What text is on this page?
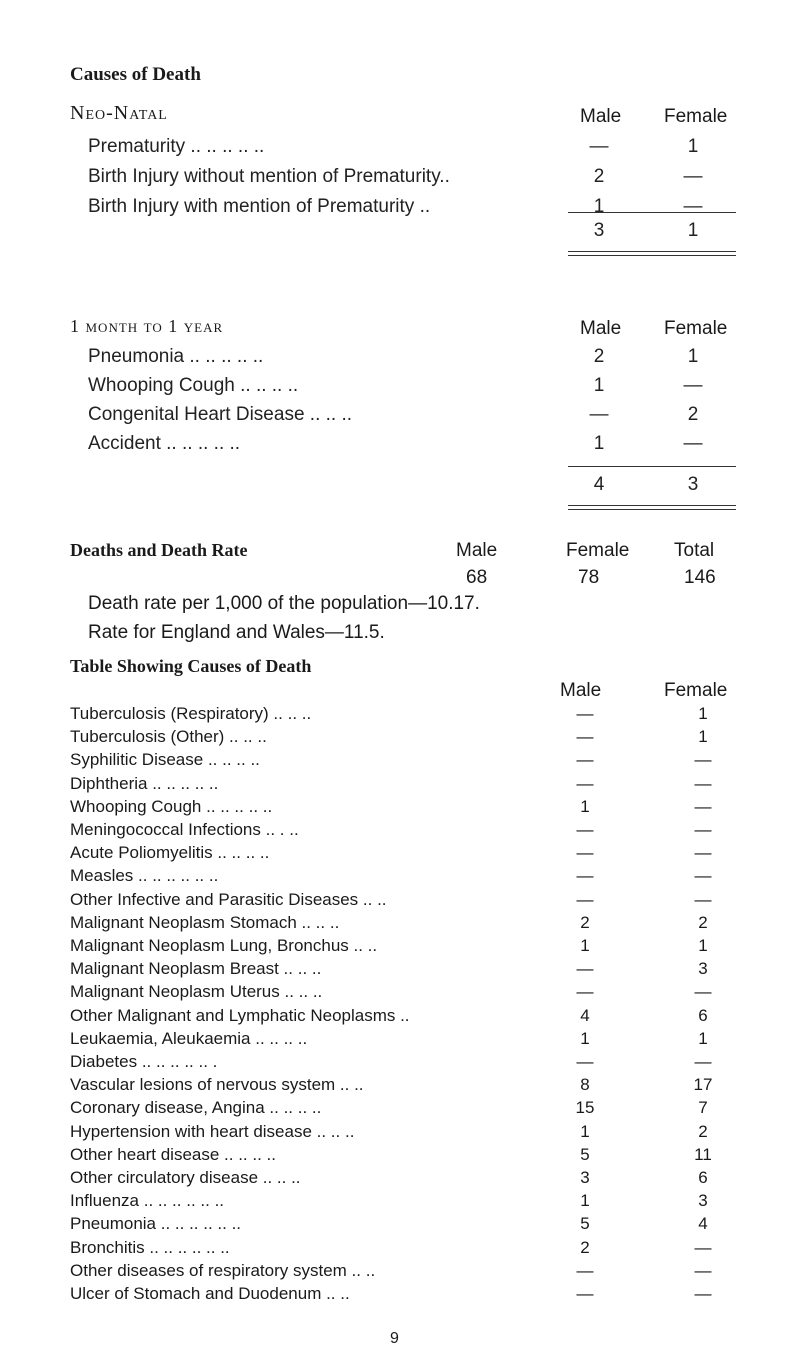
Causes of Death
Neo-Natal	Male Female
Prematurity .. .. .. .. ..	—	1
Birth Injury without mention of Prematurity..	2	—
Birth Injury with mention of Prematurity ..	1	—
3	1
1 month to 1 year	Male Female
Pneumonia .. .. .. .. ..	2	1
Whooping Cough .. .. .. ..	1	—
Congenital Heart Disease .. .. ..	—	2
Accident .. .. .. .. ..	1	—
4	3
Deaths and Death Rate	Male	Female Total
68	78	146
Death rate per 1,000 of the population—10.17.
Rate for England and Wales—11.5.
Table Showing Causes of Death
Male	Female
Tuberculosis (Respiratory) .. .. ..	—	1
Tuberculosis (Other) .. .. ..	—	1
Syphilitic Disease .. .. .. ..	—	—
Diphtheria .. .. .. .. ..	—	—
Whooping Cough .. .. .. .. ..	1	—
Meningococcal Infections .. . ..	—	—
Acute Poliomyelitis .. .. .. ..	—	—
Measles .. .. .. .. .. ..	—	—
Other Infective and Parasitic Diseases .. ..	—	—
Malignant Neoplasm Stomach .. .. ..	2	2
Malignant Neoplasm Lung, Bronchus .. ..	1	1
Malignant Neoplasm Breast .. .. ..	—	3
Malignant Neoplasm Uterus .. .. ..	—	—
Other Malignant and Lymphatic Neoplasms ..	4	6
Leukaemia, Aleukaemia .. .. .. ..	1	1
Diabetes .. .. .. .. .. .	—	—
Vascular lesions of nervous system .. ..	8	17
Coronary disease, Angina .. .. .. ..	15	7
Hypertension with heart disease .. .. ..	1	2
Other heart disease .. .. .. ..	5	11
Other circulatory disease .. .. ..	3	6
Influenza .. .. .. .. .. ..	1	3
Pneumonia .. .. .. .. .. ..	5	4
Bronchitis .. .. .. .. .. ..	2	—
Other diseases of respiratory system .. ..	—	—
Ulcer of Stomach and Duodenum .. ..	—	—
9
